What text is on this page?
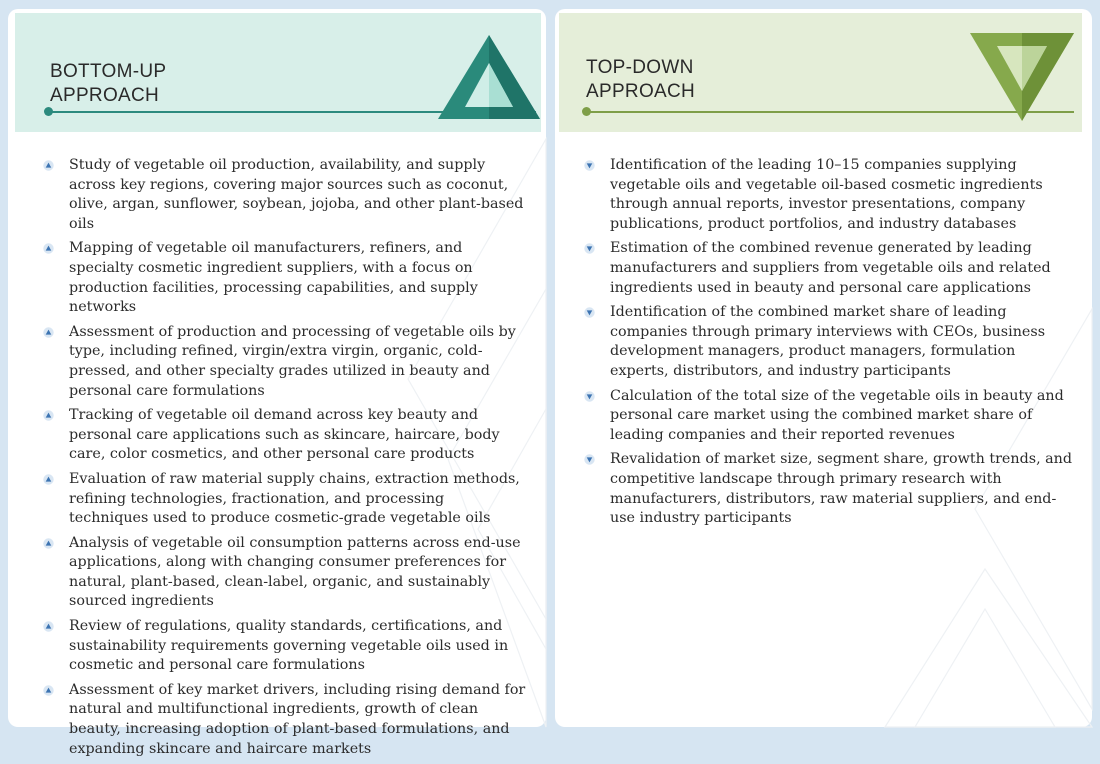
BOTTOM-UP
APPROACH
Study of vegetable oil production, availability, and supply across key regions, covering major sources such as coconut, olive, argan, sunflower, soybean, jojoba, and other plant-based oils
Mapping of vegetable oil manufacturers, refiners, and specialty cosmetic ingredient suppliers, with a focus on production facilities, processing capabilities, and supply networks
Assessment of production and processing of vegetable oils by type, including refined, virgin/extra virgin, organic, cold-pressed, and other specialty grades utilized in beauty and personal care formulations
Tracking of vegetable oil demand across key beauty and personal care applications such as skincare, haircare, body care, color cosmetics, and other personal care products
Evaluation of raw material supply chains, extraction methods, refining technologies, fractionation, and processing techniques used to produce cosmetic-grade vegetable oils
Analysis of vegetable oil consumption patterns across end-use applications, along with changing consumer preferences for natural, plant-based, clean-label, organic, and sustainably sourced ingredients
Review of regulations, quality standards, certifications, and sustainability requirements governing vegetable oils used in cosmetic and personal care formulations
Assessment of key market drivers, including rising demand for natural and multifunctional ingredients, growth of clean beauty, increasing adoption of plant-based formulations, and expanding skincare and haircare markets
TOP-DOWN
APPROACH
Identification of the leading 10–15 companies supplying vegetable oils and vegetable oil-based cosmetic ingredients through annual reports, investor presentations, company publications, product portfolios, and industry databases
Estimation of the combined revenue generated by leading manufacturers and suppliers from vegetable oils and related ingredients used in beauty and personal care applications
Identification of the combined market share of leading companies through primary interviews with CEOs, business development managers, product managers, formulation experts, distributors, and industry participants
Calculation of the total size of the vegetable oils in beauty and personal care market using the combined market share of leading companies and their reported revenues
Revalidation of market size, segment share, growth trends, and competitive landscape through primary research with manufacturers, distributors, raw material suppliers, and end-use industry participants
